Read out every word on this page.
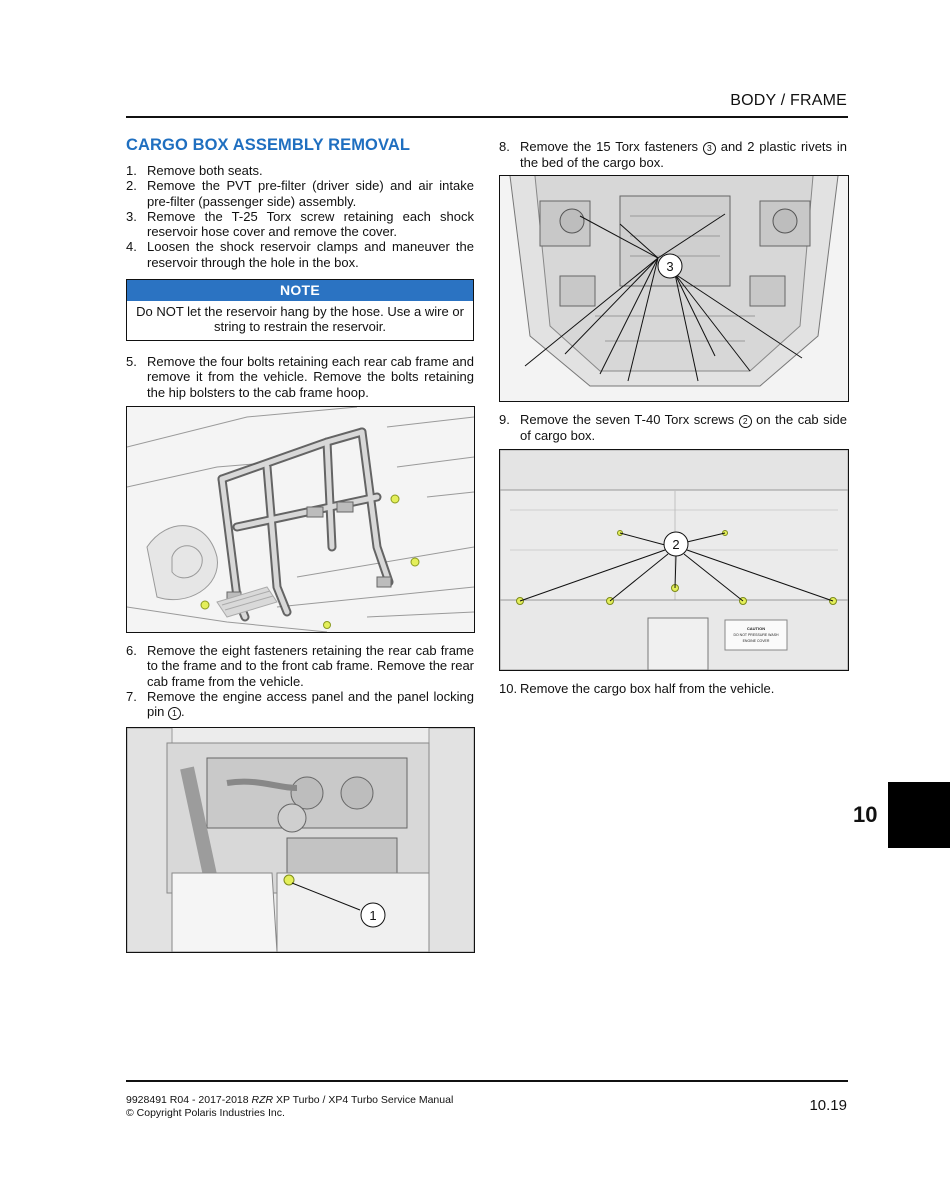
BODY / FRAME
CARGO BOX ASSEMBLY REMOVAL
1. Remove both seats.
2. Remove the PVT pre-filter (driver side) and air intake pre-filter (passenger side) assembly.
3. Remove the T-25 Torx screw retaining each shock reservoir hose cover and remove the cover.
4. Loosen the shock reservoir clamps and maneuver the reservoir through the hole in the box.
NOTE
Do NOT let the reservoir hang by the hose. Use a wire or string to restrain the reservoir.
5. Remove the four bolts retaining each rear cab frame and remove it from the vehicle. Remove the bolts retaining the hip bolsters to the cab frame hoop.
6. Remove the eight fasteners retaining the rear cab frame to the frame and to the front cab frame. Remove the rear cab frame from the vehicle.
7. Remove the engine access panel and the panel locking pin 1 .
1
8. Remove the 15 Torx fasteners 3 and 2 plastic rivets in the bed of the cargo box.
3
9. Remove the seven T-40 Torx screws 2 on the cab side of cargo box.
CAUTION
DO NOT PRESSURE WASH
ENGINE COVER
2
10. Remove the cargo box half from the vehicle.
10
9928491 R04 - 2017-2018 RZR XP Turbo / XP4 Turbo Service Manual
© Copyright Polaris Industries Inc.	10.19
